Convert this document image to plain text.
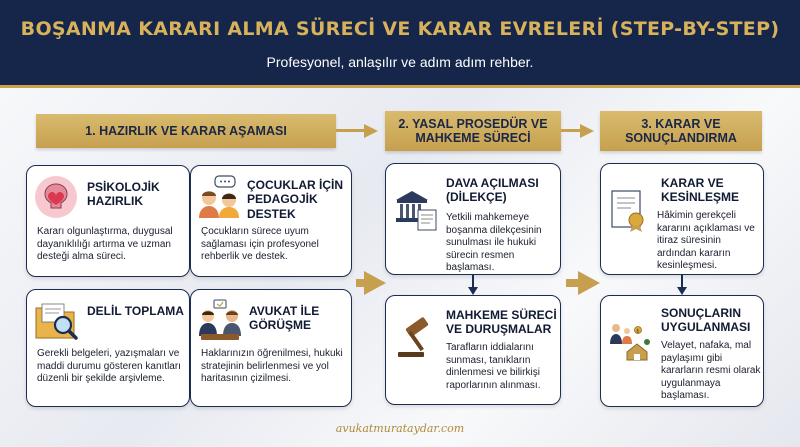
BOŞANMA KARARI ALMA SÜRECİ VE KARAR EVRELERİ (STEP-BY-STEP)
Profesyonel, anlaşılır ve adım adım rehber.
1. HAZIRLIK VE KARAR AŞAMASI
2. YASAL PROSEDÜR VE MAHKEME SÜRECİ
3. KARAR VE SONUÇLANDIRMA
PSİKOLOJİK HAZIRLIK
Kararı olgunlaştırma, duygusal dayanıklılığı artırma ve uzman desteği alma süreci.
ÇOCUKLAR İÇİN PEDAGOJİK DESTEK
Çocukların sürece uyum sağlaması için profesyonel rehberlik ve destek.
DELİL TOPLAMA
Gerekli belgeleri, yazışmaları ve maddi durumu gösteren kanıtları düzenli bir şekilde arşivleme.
AVUKAT İLE GÖRÜŞME
Haklarınızın öğrenilmesi, hukuki stratejinin belirlenmesi ve yol haritasının çizilmesi.
DAVA AÇILMASI (DİLEKÇE)
Yetkili mahkemeye boşanma dilekçesinin sunulması ile hukuki sürecin resmen başlaması.
MAHKEME SÜRECİ VE DURUŞMALAR
Tarafların iddialarını sunması, tanıkların dinlenmesi ve bilirkişi raporlarının alınması.
KARAR VE KESİNLEŞME
Hâkimin gerekçeli kararını açıklaması ve itiraz süresinin ardından kararın kesinleşmesi.
$
SONUÇLARIN UYGULANMASI
Velayet, nafaka, mal paylaşımı gibi kararların resmi olarak uygulanmaya başlaması.
avukatmurataydar.com
